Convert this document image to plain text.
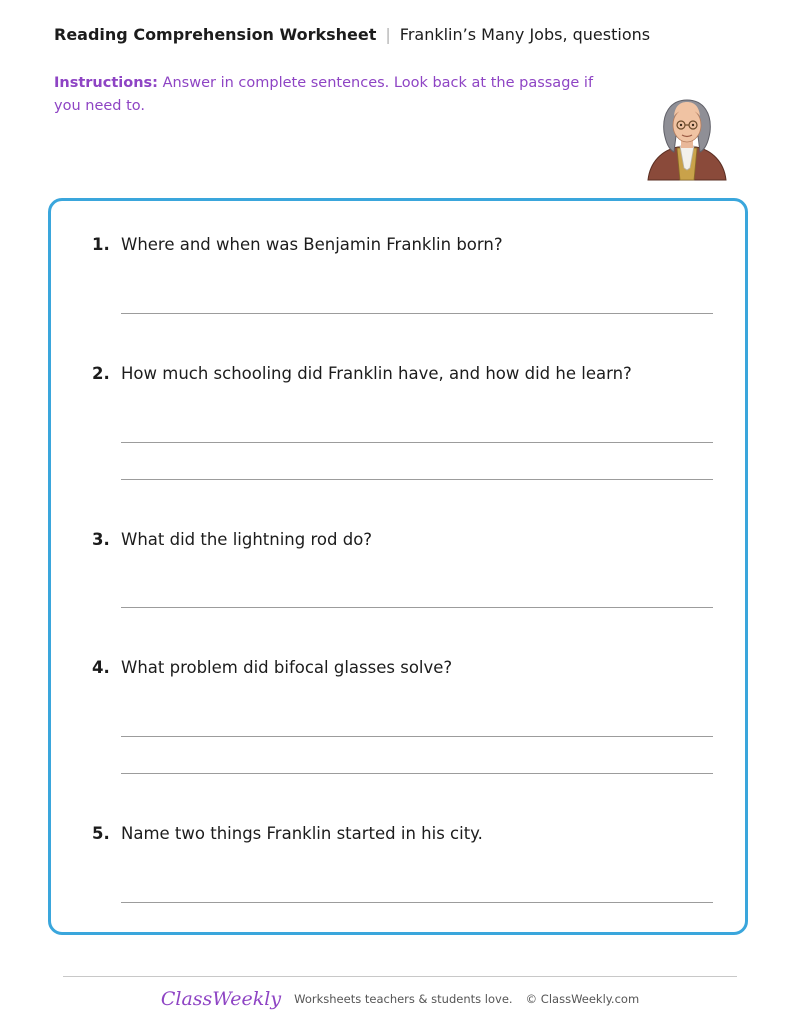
Reading Comprehension Worksheet | Franklin’s Many Jobs, questions
Instructions: Answer in complete sentences. Look back at the passage if you need to.
1. Where and when was Benjamin Franklin born?
2. How much schooling did Franklin have, and how did he learn?
3. What did the lightning rod do?
4. What problem did bifocal glasses solve?
5. Name two things Franklin started in his city.
ClassWeekly Worksheets teachers & students love. © ClassWeekly.com
